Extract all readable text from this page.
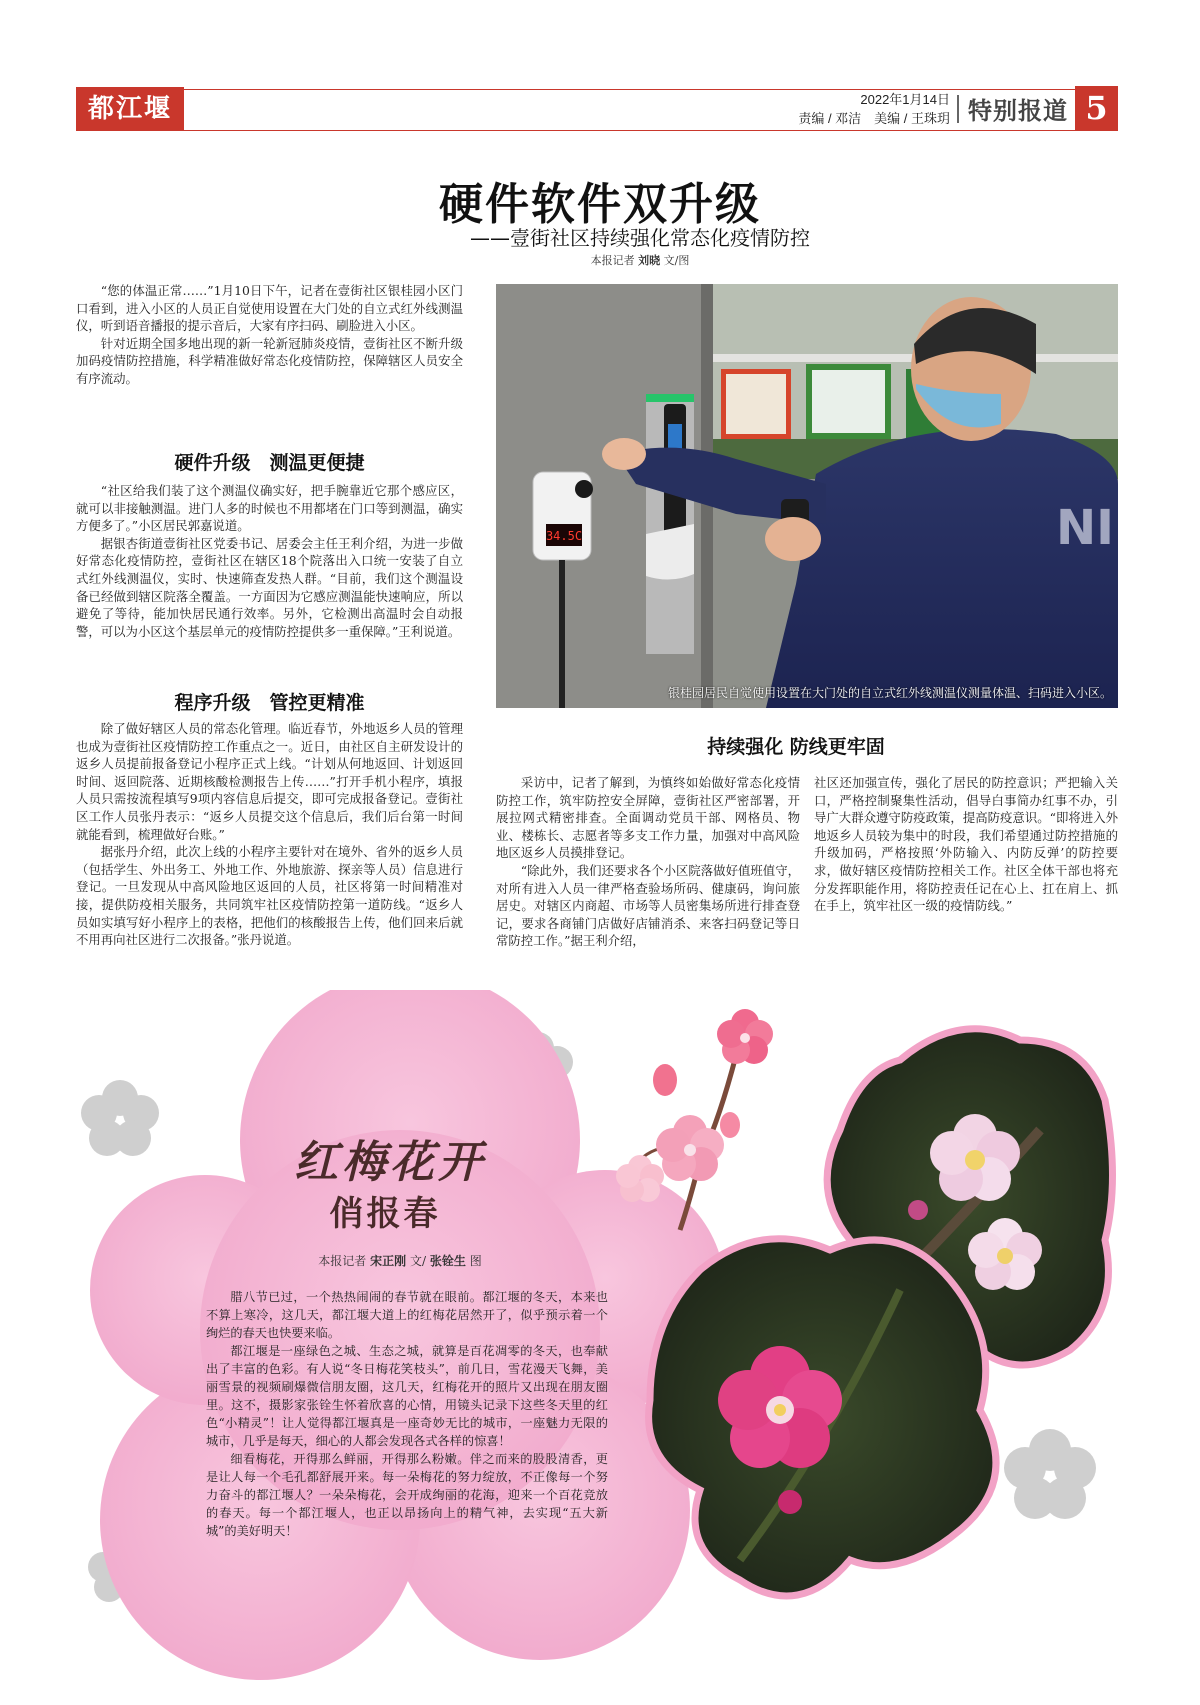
都江堰报
2022年1月14日
责编 / 邓洁　美编 / 王珠玥 特别报道 5
硬件软件双升级
——壹街社区持续强化常态化疫情防控
本报记者 刘晓 文/图

“您的体温正常……”1月10日下午，记者在壹街社区银桂园小区门口看到，进入小区的人员正自觉使用设置在大门处的自立式红外线测温仪，听到语音播报的提示音后，大家有序扫码、刷脸进入小区。

针对近期全国多地出现的新一轮新冠肺炎疫情，壹街社区不断升级加码疫情防控措施，科学精准做好常态化疫情防控，保障辖区人员安全有序流动。

硬件升级　测温更便捷

“社区给我们装了这个测温仪确实好，把手腕靠近它那个感应区，就可以非接触测温。进门人多的时候也不用都堵在门口等到测温，确实方便多了。”小区居民郭嘉说道。

据银杏街道壹街社区党委书记、居委会主任王利介绍，为进一步做好常态化疫情防控，壹街社区在辖区18个院落出入口统一安装了自立式红外线测温仪，实时、快速筛查发热人群。“目前，我们这个测温设备已经做到辖区院落全覆盖。一方面因为它感应测温能快速响应，所以避免了等待，能加快居民通行效率。另外，它检测出高温时会自动报警，可以为小区这个基层单元的疫情防控提供多一重保障。”王利说道。

程序升级　管控更精准

除了做好辖区人员的常态化管理。临近春节，外地返乡人员的管理也成为壹街社区疫情防控工作重点之一。近日，由社区自主研发设计的返乡人员提前报备登记小程序正式上线。“计划从何地返回、计划返回时间、返回院落、近期核酸检测报告上传……”打开手机小程序，填报人员只需按流程填写9项内容信息后提交，即可完成报备登记。壹街社区工作人员张丹表示：“返乡人员提交这个信息后，我们后台第一时间就能看到，梳理做好台账。”

据张丹介绍，此次上线的小程序主要针对在境外、省外的返乡人员（包括学生、外出务工、外地工作、外地旅游、探亲等人员）信息进行登记。一旦发现从中高风险地区返回的人员，社区将第一时间精准对接，提供防疫相关服务，共同筑牢社区疫情防控第一道防线。“返乡人员如实填写好小程序上的表格，把他们的核酸报告上传，他们回来后就不用再向社区进行二次报备。”张丹说道。

34.5C	NI
银桂园居民自觉使用设置在大门处的自立式红外线测温仪测量体温、扫码进入小区。
持续强化 防线更牢固

采访中，记者了解到，为慎终如始做好常态化疫情防控工作，筑牢防控安全屏障，壹街社区严密部署，开展拉网式精密排查。全面调动党员干部、网格员、物业、楼栋长、志愿者等多支工作力量，加强对中高风险地区返乡人员摸排登记。

“除此外，我们还要求各个小区院落做好值班值守，对所有进入人员一律严格查验场所码、健康码，询问旅居史。对辖区内商超、市场等人员密集场所进行排查登记，要求各商铺门店做好店铺消杀、来客扫码登记等日常防控工作。”据王利介绍，

社区还加强宣传，强化了居民的防控意识；严把输入关口，严格控制聚集性活动，倡导白事简办红事不办，引导广大群众遵守防疫政策，提高防疫意识。“即将进入外地返乡人员较为集中的时段，我们希望通过防控措施的升级加码，严格按照‘外防输入、内防反弹’的防控要求，做好辖区疫情防控相关工作。社区全体干部也将充分发挥职能作用，将防控责任记在心上、扛在肩上、抓在手上，筑牢社区一级的疫情防线。”

红梅花开
俏报春
本报记者 宋正刚 文/ 张铨生 图

腊八节已过，一个热热闹闹的春节就在眼前。都江堰的冬天，本来也不算上寒冷，这几天，都江堰大道上的红梅花居然开了，似乎预示着一个绚烂的春天也快要来临。

都江堰是一座绿色之城、生态之城，就算是百花凋零的冬天，也奉献出了丰富的色彩。有人说“冬日梅花笑枝头”，前几日，雪花漫天飞舞，美丽雪景的视频刷爆微信朋友圈，这几天，红梅花开的照片又出现在朋友圈里。这不，摄影家张铨生怀着欣喜的心情，用镜头记录下这些冬天里的红色“小精灵”！让人觉得都江堰真是一座奇妙无比的城市，一座魅力无限的城市，几乎是每天，细心的人都会发现各式各样的惊喜！

细看梅花，开得那么鲜丽，开得那么粉嫩。伴之而来的股股清香，更是让人每一个毛孔都舒展开来。每一朵梅花的努力绽放，不正像每一个努力奋斗的都江堰人？一朵朵梅花，会开成绚丽的花海，迎来一个百花竞放的春天。每一个都江堰人，也正以昂扬向上的精气神，去实现“五大新城”的美好明天！
